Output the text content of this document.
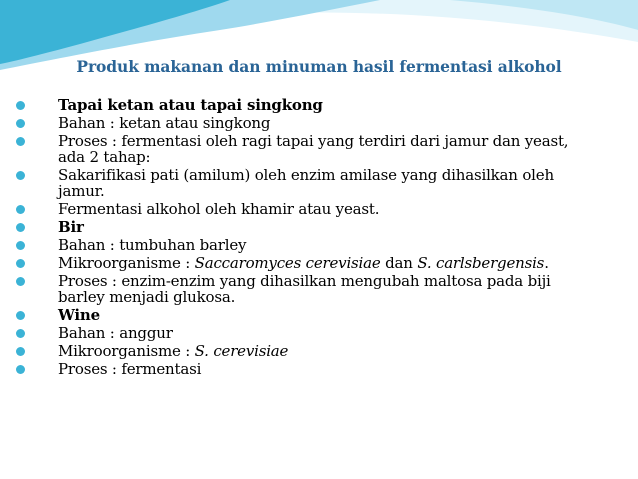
Produk makanan dan minuman hasil fermentasi alkohol
Tapai ketan atau tapai singkong
Bahan : ketan atau singkong
Proses : fermentasi oleh ragi tapai yang terdiri dari jamur dan yeast,
ada 2 tahap:
Sakarifikasi pati (amilum) oleh enzim amilase yang dihasilkan oleh
jamur.
Fermentasi alkohol oleh khamir atau yeast.
Bir
Bahan : tumbuhan barley
Mikroorganisme : Saccaromyces cerevisiae dan S. carlsbergensis.
Proses : enzim-enzim yang dihasilkan mengubah maltosa pada biji
barley menjadi glukosa.
Wine
Bahan : anggur
Mikroorganisme : S. cerevisiae
Proses : fermentasi
